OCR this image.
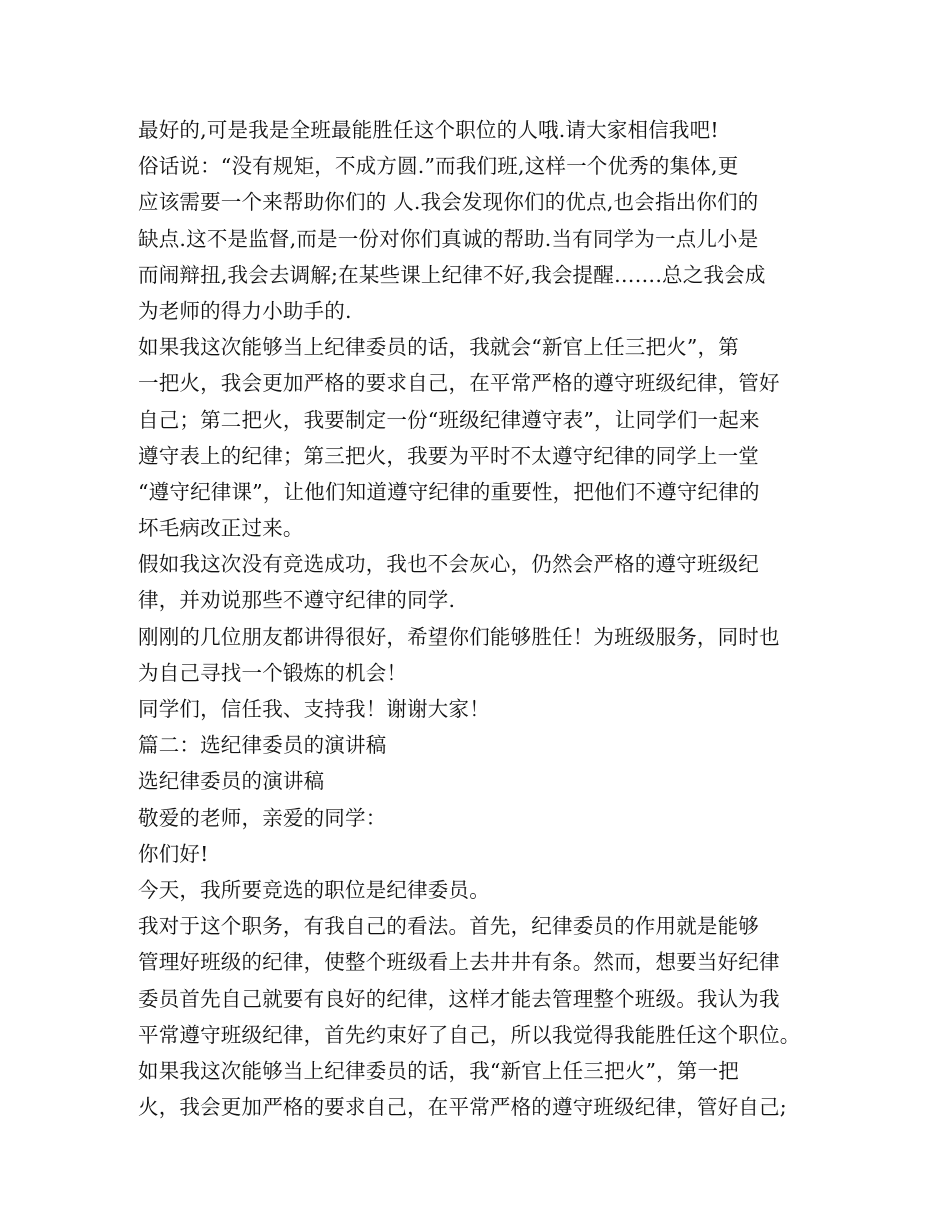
最好的,可是我是全班最能胜任这个职位的人哦.请大家相信我吧!
俗话说：“没有规矩，不成方圆.”而我们班,这样一个优秀的集体,更
应该需要一个来帮助你们的 人.我会发现你们的优点,也会指出你们的
缺点.这不是监督,而是一份对你们真诚的帮助.当有同学为一点儿小是
而闹辩扭,我会去调解;在某些课上纪律不好,我会提醒…….总之我会成
为老师的得力小助手的.
如果我这次能够当上纪律委员的话，我就会“新官上任三把火”，第
一把火，我会更加严格的要求自己，在平常严格的遵守班级纪律，管好
自己；第二把火，我要制定一份“班级纪律遵守表”，让同学们一起来
遵守表上的纪律；第三把火，我要为平时不太遵守纪律的同学上一堂
“遵守纪律课”，让他们知道遵守纪律的重要性，把他们不遵守纪律的
坏毛病改正过来。
假如我这次没有竞选成功，我也不会灰心，仍然会严格的遵守班级纪
律，并劝说那些不遵守纪律的同学.
刚刚的几位朋友都讲得很好，希望你们能够胜任！为班级服务，同时也
为自己寻找一个锻炼的机会！
同学们，信任我、支持我！谢谢大家！
篇二：选纪律委员的演讲稿
选纪律委员的演讲稿
敬爱的老师，亲爱的同学：
你们好!
今天，我所要竞选的职位是纪律委员。
我对于这个职务，有我自己的看法。首先，纪律委员的作用就是能够
管理好班级的纪律，使整个班级看上去井井有条。然而，想要当好纪律
委员首先自己就要有良好的纪律，这样才能去管理整个班级。我认为我
平常遵守班级纪律，首先约束好了自己，所以我觉得我能胜任这个职位。
如果我这次能够当上纪律委员的话，我“新官上任三把火”，第一把
火，我会更加严格的要求自己，在平常严格的遵守班级纪律，管好自己;
